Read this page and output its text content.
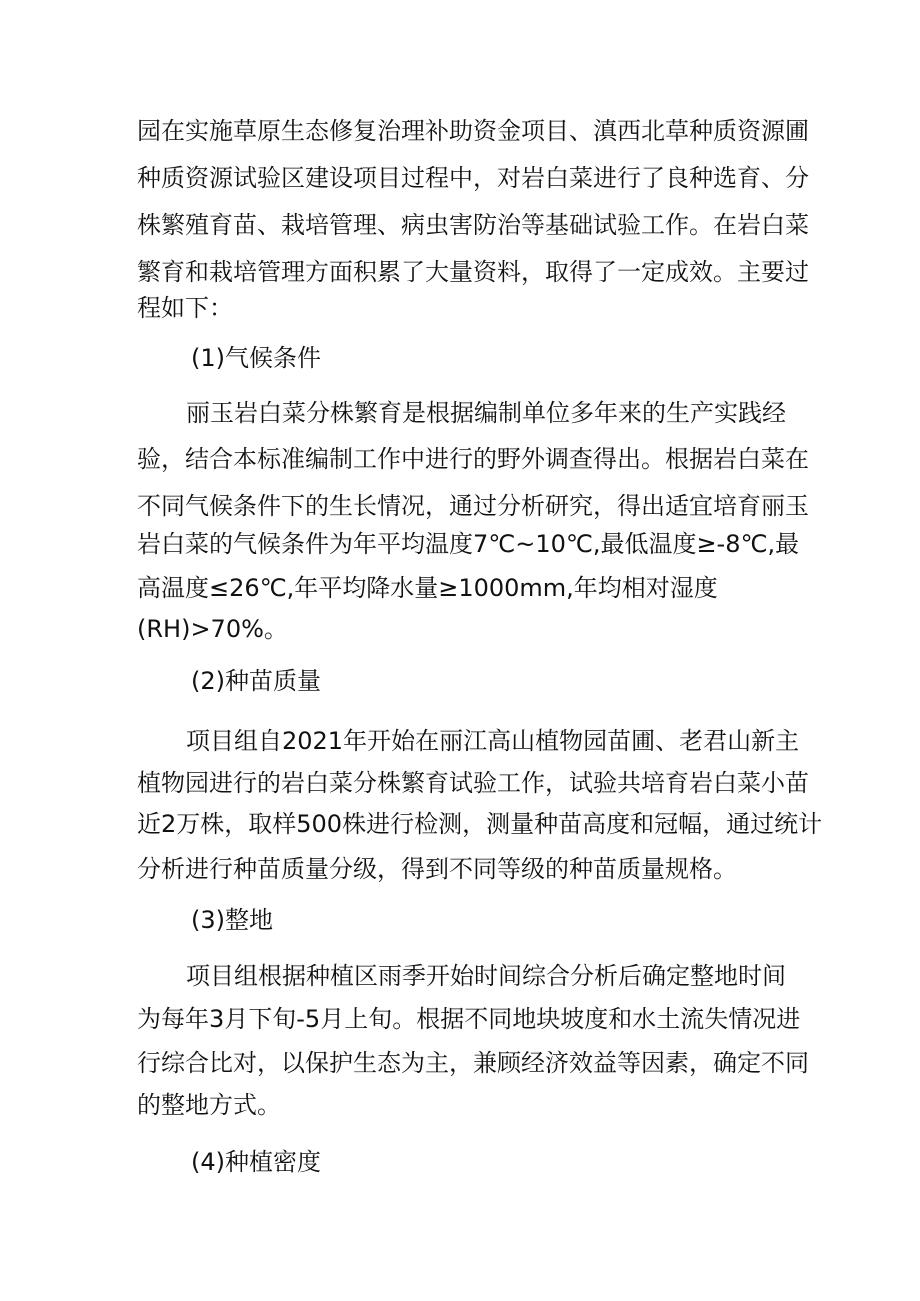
园在实施草原生态修复治理补助资金项目、滇西北草种质资源圃
种质资源试验区建设项目过程中，对岩白菜进行了良种选育、分
株繁殖育苗、栽培管理、病虫害防治等基础试验工作。在岩白菜
繁育和栽培管理方面积累了大量资料，取得了一定成效。主要过
程如下：
(1)气候条件
丽玉岩白菜分株繁育是根据编制单位多年来的生产实践经
验，结合本标准编制工作中进行的野外调查得出。根据岩白菜在
不同气候条件下的生长情况，通过分析研究，得出适宜培育丽玉
岩白菜的气候条件为年平均温度7℃~10℃,最低温度≥-8℃,最
高温度≤26℃,年平均降水量≥1000mm,年均相对湿度
(RH)>70%。
(2)种苗质量
项目组自2021年开始在丽江高山植物园苗圃、老君山新主
植物园进行的岩白菜分株繁育试验工作，试验共培育岩白菜小苗
近2万株，取样500株进行检测，测量种苗高度和冠幅，通过统计
分析进行种苗质量分级，得到不同等级的种苗质量规格。
(3)整地
项目组根据种植区雨季开始时间综合分析后确定整地时间
为每年3月下旬-5月上旬。根据不同地块坡度和水土流失情况进
行综合比对，以保护生态为主，兼顾经济效益等因素，确定不同
的整地方式。
(4)种植密度
